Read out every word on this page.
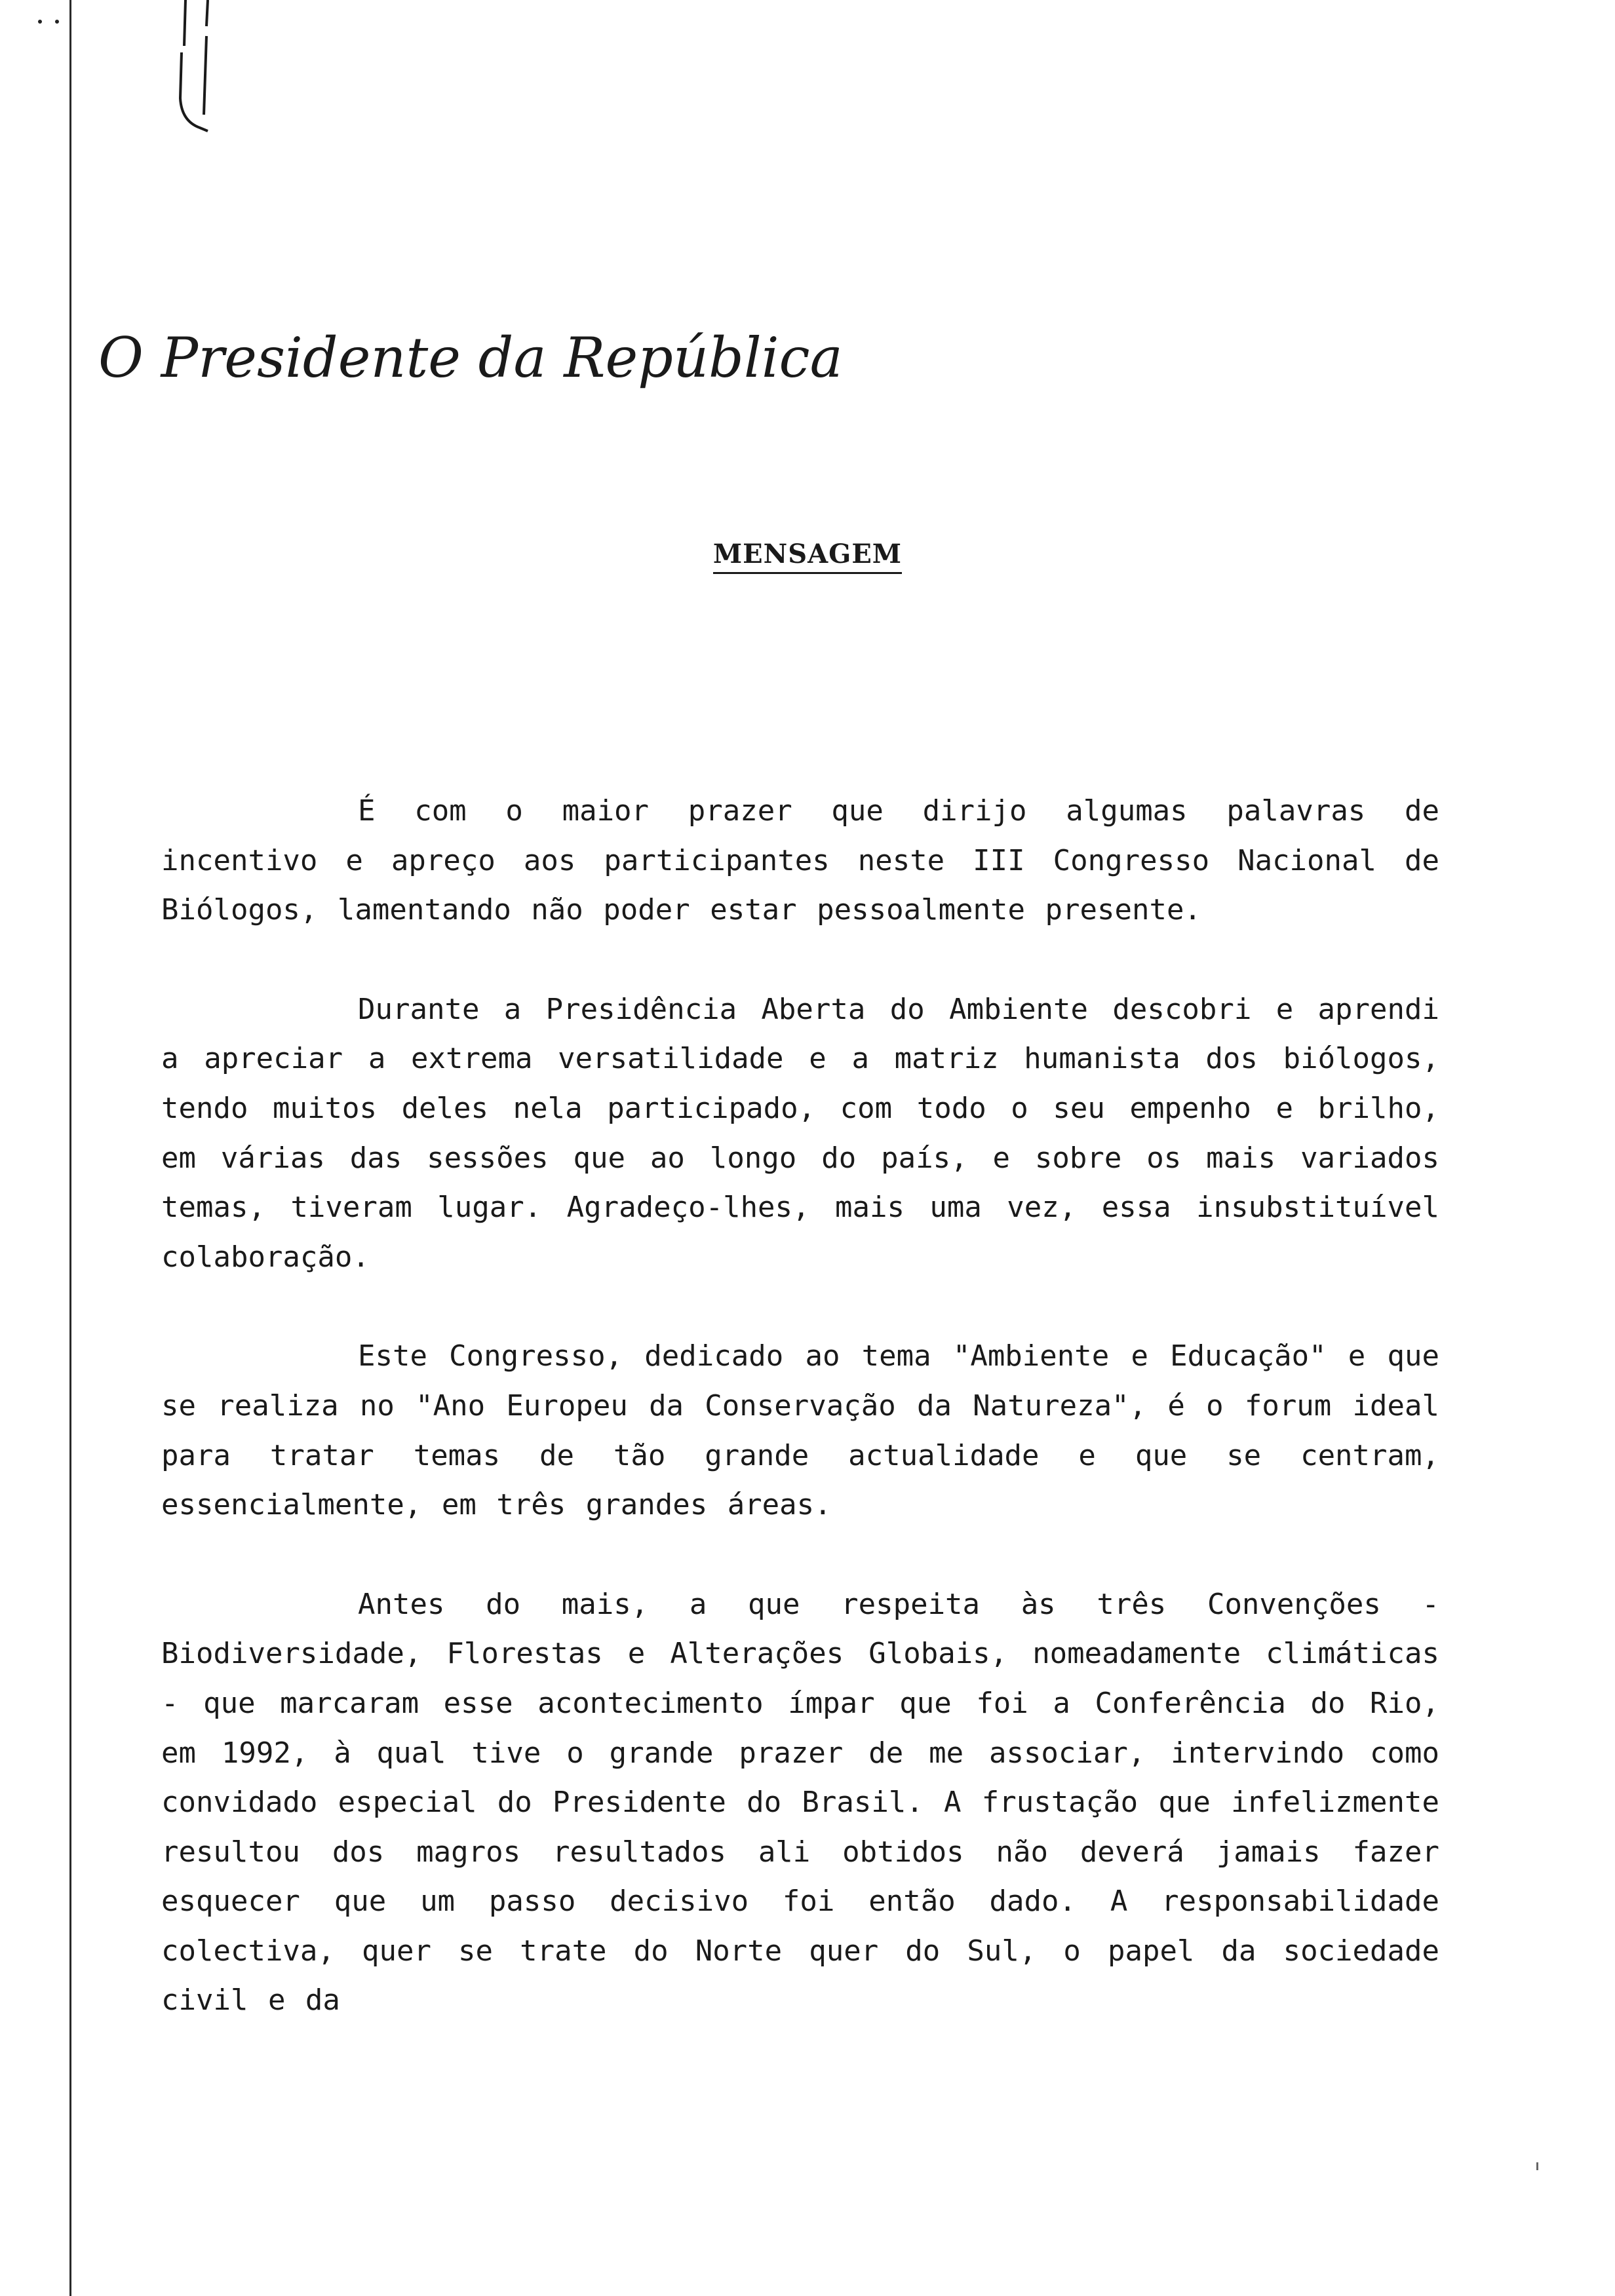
O Presidente da República
MENSAGEM

É com o maior prazer que dirijo algumas palavras de incentivo e apreço aos participantes neste III Congresso Nacional de Biólogos, lamentando não poder estar pessoalmente presente.

Durante a Presidência Aberta do Ambiente descobri e aprendi a apreciar a extrema versatilidade e a matriz humanista dos biólogos, tendo muitos deles nela participado, com todo o seu empenho e brilho, em várias das sessões que ao longo do país, e sobre os mais variados temas, tiveram lugar. Agradeço-lhes, mais uma vez, essa insubstituível colaboração.

Este Congresso, dedicado ao tema "Ambiente e Educação" e que se realiza no "Ano Europeu da Conservação da Natureza", é o forum ideal para tratar temas de tão grande actualidade e que se centram, essencialmente, em três grandes áreas.

Antes do mais, a que respeita às três Convenções - Biodiversidade, Florestas e Alterações Globais, nomeadamente climáticas - que marcaram esse acontecimento ímpar que foi a Conferência do Rio, em 1992, à qual tive o grande prazer de me associar, intervindo como convidado especial do Presidente do Brasil. A frustação que infelizmente resultou dos magros resultados ali obtidos não deverá jamais fazer esquecer que um passo decisivo foi então dado. A responsabilidade colectiva, quer se trate do Norte quer do Sul, o papel da sociedade civil e da
